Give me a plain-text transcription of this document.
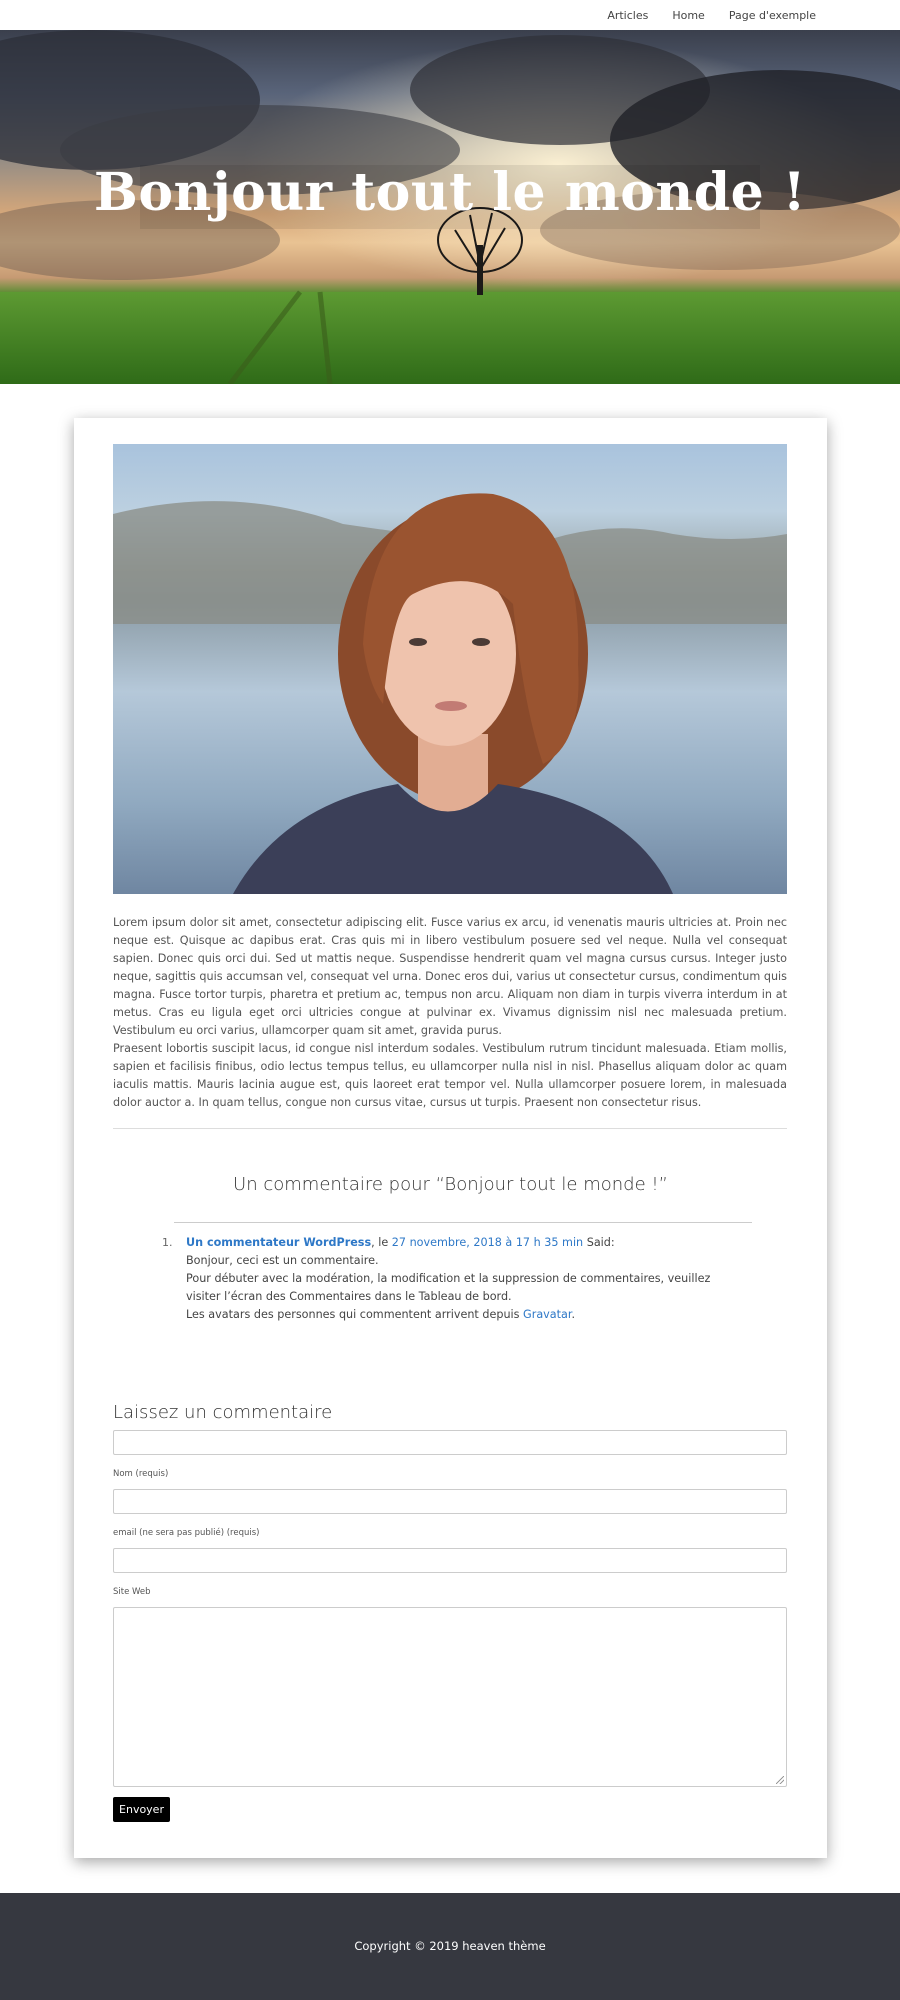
Articles Home Page d'exemple
Bonjour tout le monde !

Lorem ipsum dolor sit amet, consectetur adipiscing elit. Fusce varius ex arcu, id venenatis mauris ultricies at. Proin nec neque est. Quisque ac dapibus erat. Cras quis mi in libero vestibulum posuere sed vel neque. Nulla vel consequat sapien. Donec quis orci dui. Sed ut mattis neque. Suspendisse hendrerit quam vel magna cursus cursus. Integer justo neque, sagittis quis accumsan vel, consequat vel urna. Donec eros dui, varius ut consectetur cursus, condimentum quis magna. Fusce tortor turpis, pharetra et pretium ac, tempus non arcu. Aliquam non diam in turpis viverra interdum in at metus. Cras eu ligula eget orci ultricies congue at pulvinar ex. Vivamus dignissim nisl nec malesuada pretium. Vestibulum eu orci varius, ullamcorper quam sit amet, gravida purus.

Praesent lobortis suscipit lacus, id congue nisl interdum sodales. Vestibulum rutrum tincidunt malesuada. Etiam mollis, sapien et facilisis finibus, odio lectus tempus tellus, eu ullamcorper nulla nisl in nisl. Phasellus aliquam dolor ac quam iaculis mattis. Mauris lacinia augue est, quis laoreet erat tempor vel. Nulla ullamcorper posuere lorem, in malesuada dolor auctor a. In quam tellus, congue non cursus vitae, cursus ut turpis. Praesent non consectetur risus.

Un commentaire pour “Bonjour tout le monde !”
1. Un commentateur WordPress, le 27 novembre, 2018 à 17 h 35 min Said:
Bonjour, ceci est un commentaire.
Pour débuter avec la modération, la modification et la suppression de commentaires, veuillez visiter l’écran des Commentaires dans le Tableau de bord.
Les avatars des personnes qui commentent arrivent depuis Gravatar.
Laissez un commentaire
Nom (requis)
email (ne sera pas publié) (requis)
Site Web
Envoyer
Copyright © 2019 heaven thème
